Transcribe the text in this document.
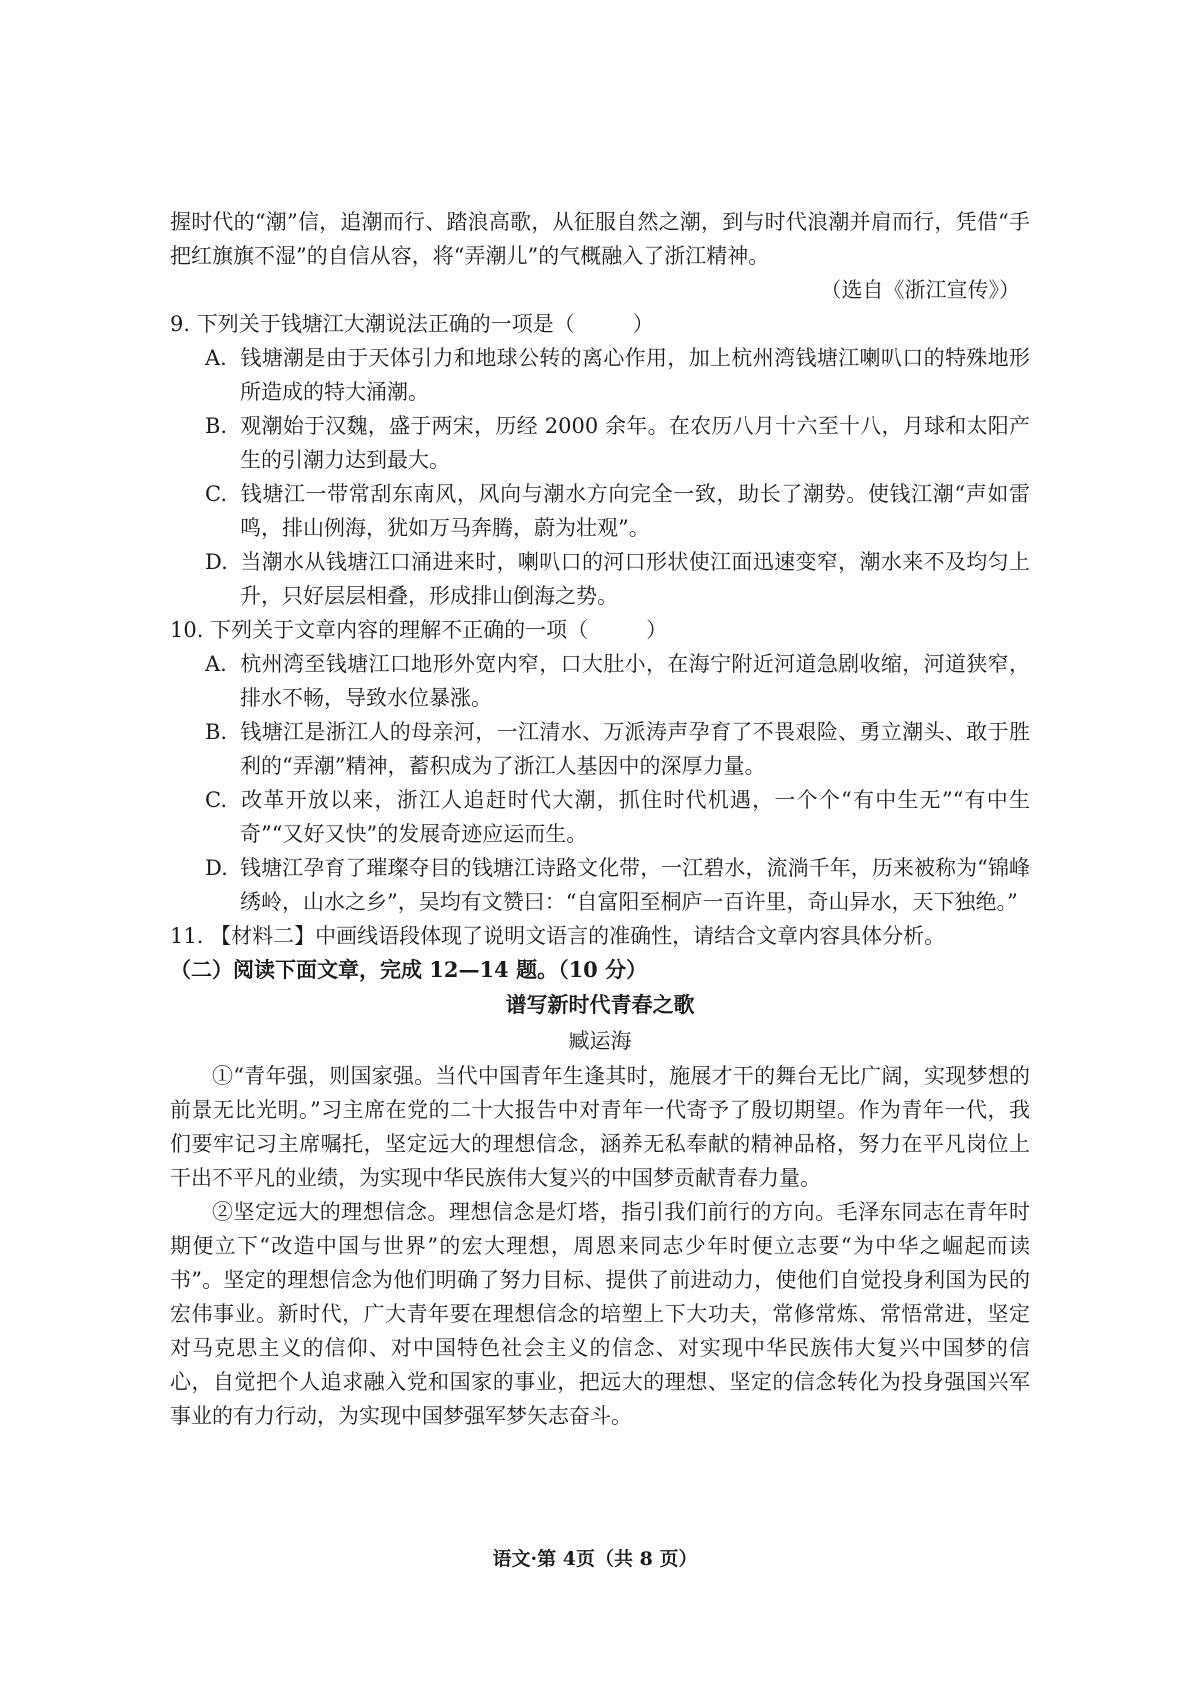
握时代的“潮”信，追潮而行、踏浪高歌，从征服自然之潮，到与时代浪潮并肩而行，凭借“手把红旗旗不湿”的自信从容，将“弄潮儿”的气概融入了浙江精神。

（选自《浙江宣传》）

9. 下列关于钱塘江大潮说法正确的一项是（	）

A. 钱塘潮是由于天体引力和地球公转的离心作用，加上杭州湾钱塘江喇叭口的特殊地形所造成的特大涌潮。

B. 观潮始于汉魏，盛于两宋，历经 2000 余年。在农历八月十六至十八，月球和太阳产生的引潮力达到最大。

C. 钱塘江一带常刮东南风，风向与潮水方向完全一致，助长了潮势。使钱江潮“声如雷鸣，排山例海，犹如万马奔腾，蔚为壮观”。

D. 当潮水从钱塘江口涌进来时，喇叭口的河口形状使江面迅速变窄，潮水来不及均匀上升，只好层层相叠，形成排山倒海之势。

10. 下列关于文章内容的理解不正确的一项（	）

A. 杭州湾至钱塘江口地形外宽内窄，口大肚小，在海宁附近河道急剧收缩，河道狭窄，排水不畅，导致水位暴涨。

B. 钱塘江是浙江人的母亲河，一江清水、万派涛声孕育了不畏艰险、勇立潮头、敢于胜利的“弄潮”精神，蓄积成为了浙江人基因中的深厚力量。

C. 改革开放以来，浙江人追赶时代大潮，抓住时代机遇，一个个“有中生无”“有中生奇”“又好又快”的发展奇迹应运而生。

D. 钱塘江孕育了璀璨夺目的钱塘江诗路文化带，一江碧水，流淌千年，历来被称为“锦峰绣岭，山水之乡”，吴均有文赞曰：“自富阳至桐庐一百许里，奇山异水，天下独绝。”

11. 【材料二】中画线语段体现了说明文语言的准确性，请结合文章内容具体分析。

（二）阅读下面文章，完成 12—14 题。（10 分）

谱写新时代青春之歌

臧运海

①“青年强，则国家强。当代中国青年生逢其时，施展才干的舞台无比广阔，实现梦想的前景无比光明。”习主席在党的二十大报告中对青年一代寄予了殷切期望。作为青年一代，我们要牢记习主席嘱托，坚定远大的理想信念，涵养无私奉献的精神品格，努力在平凡岗位上干出不平凡的业绩，为实现中华民族伟大复兴的中国梦贡献青春力量。

②坚定远大的理想信念。理想信念是灯塔，指引我们前行的方向。毛泽东同志在青年时期便立下“改造中国与世界”的宏大理想，周恩来同志少年时便立志要“为中华之崛起而读书”。坚定的理想信念为他们明确了努力目标、提供了前进动力，使他们自觉投身利国为民的宏伟事业。新时代，广大青年要在理想信念的培塑上下大功夫，常修常炼、常悟常进，坚定对马克思主义的信仰、对中国特色社会主义的信念、对实现中华民族伟大复兴中国梦的信心，自觉把个人追求融入党和国家的事业，把远大的理想、坚定的信念转化为投身强国兴军事业的有力行动，为实现中国梦强军梦矢志奋斗。

语文·第 4页（共 8 页）
